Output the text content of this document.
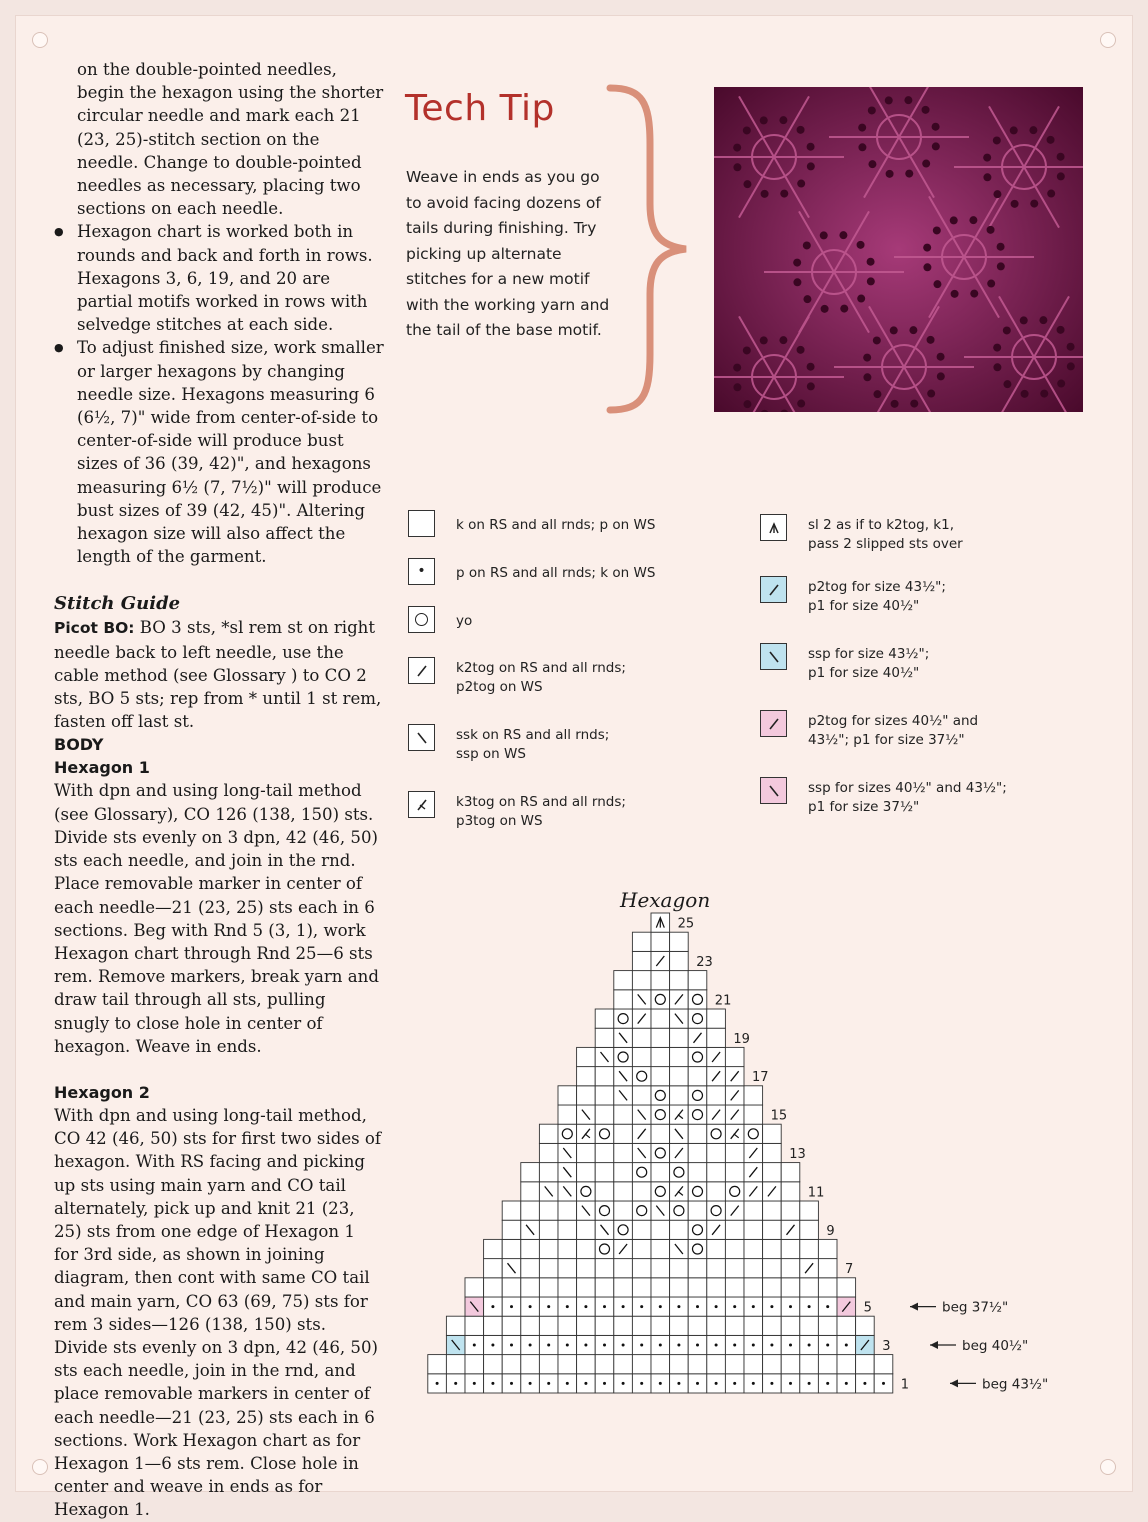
on the double-pointed needles, begin the hexagon using the shorter circular needle and mark each 21 (23, 25)-stitch section on the needle. Change to double-pointed needles as necessary, placing two sections on each needle.

● Hexagon chart is worked both in rounds and back and forth in rows. Hexagons 3, 6, 19, and 20 are partial motifs worked in rows with selvedge stitches at each side.
● To adjust finished size, work smaller or larger hexagons by changing needle size. Hexagons measuring 6 (6½, 7)" wide from center-of-side to center-of-side will produce bust sizes of 36 (39, 42)", and hexagons measuring 6½ (7, 7½)" will produce bust sizes of 39 (42, 45)". Altering hexagon size will also affect the length of the garment.
Stitch Guide

Picot BO: BO 3 sts, *sl rem st on right needle back to left needle, use the cable method (see Glossary ) to CO 2 sts, BO 5 sts; rep from * until 1 st rem, fasten off last st.

BODY

Hexagon 1

With dpn and using long-tail method (see Glossary), CO 126 (138, 150) sts. Divide sts evenly on 3 dpn, 42 (46, 50) sts each needle, and join in the rnd. Place removable marker in center of each needle—21 (23, 25) sts each in 6 sections. Beg with Rnd 5 (3, 1), work Hexagon chart through Rnd 25—6 sts rem. Remove markers, break yarn and draw tail through all sts, pulling snugly to close hole in center of hexagon. Weave in ends.

Hexagon 2

With dpn and using long-tail method, CO 42 (46, 50) sts for first two sides of hexagon. With RS facing and picking up sts using main yarn and CO tail alternately, pick up and knit 21 (23, 25) sts from one edge of Hexagon 1 for 3rd side, as shown in joining diagram, then cont with same CO tail and main yarn, CO 63 (69, 75) sts for rem 3 sides—126 (138, 150) sts. Divide sts evenly on 3 dpn, 42 (46, 50) sts each needle, join in the rnd, and place removable markers in center of each needle—21 (23, 25) sts each in 6 sections. Work Hexagon chart as for Hexagon 1—6 sts rem. Close hole in center and weave in ends as for Hexagon 1.

Tech Tip
Weave in ends as you go to avoid facing dozens of tails during finishing. Try picking up alternate stitches for a new motif with the working yarn and the tail of the base motif.
k on RS and all rnds; p on WS
• p on RS and all rnds; k on WS
yo
k2tog on RS and all rnds;
p2tog on WS
ssk on RS and all rnds;
ssp on WS
k3tog on RS and all rnds;
p3tog on WS
sl 2 as if to k2tog, k1,
pass 2 slipped sts over
p2tog for size 43½";
p1 for size 40½"
ssp for size 43½";
p1 for size 40½"
p2tog for sizes 40½" and
43½"; p1 for size 37½"
ssp for sizes 40½" and 43½";
p1 for size 37½"
Hexagon
1
3
5
7
9
11
13
15
17
19
21
23
25
beg 43½"
beg 40½"
beg 37½"
